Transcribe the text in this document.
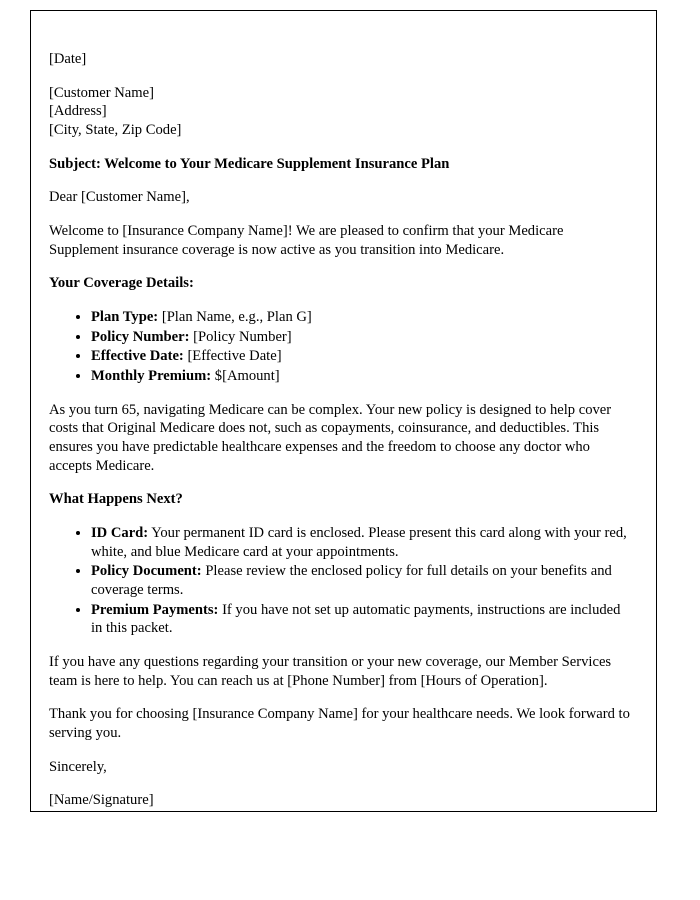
[Date]

[Customer Name]
[Address]
[City, State, Zip Code]

Subject: Welcome to Your Medicare Supplement Insurance Plan

Dear [Customer Name],

Welcome to [Insurance Company Name]! We are pleased to confirm that your Medicare Supplement insurance coverage is now active as you transition into Medicare.

Your Coverage Details:

• Plan Type: [Plan Name, e.g., Plan G]
• Policy Number: [Policy Number]
• Effective Date: [Effective Date]
• Monthly Premium: $[Amount]

As you turn 65, navigating Medicare can be complex. Your new policy is designed to help cover costs that Original Medicare does not, such as copayments, coinsurance, and deductibles. This ensures you have predictable healthcare expenses and the freedom to choose any doctor who accepts Medicare.

What Happens Next?

• ID Card: Your permanent ID card is enclosed. Please present this card along with your red, white, and blue Medicare card at your appointments.
• Policy Document: Please review the enclosed policy for full details on your benefits and coverage terms.
• Premium Payments: If you have not set up automatic payments, instructions are included in this packet.

If you have any questions regarding your transition or your new coverage, our Member Services team is here to help. You can reach us at [Phone Number] from [Hours of Operation].

Thank you for choosing [Insurance Company Name] for your healthcare needs. We look forward to serving you.

Sincerely,

[Name/Signature]
